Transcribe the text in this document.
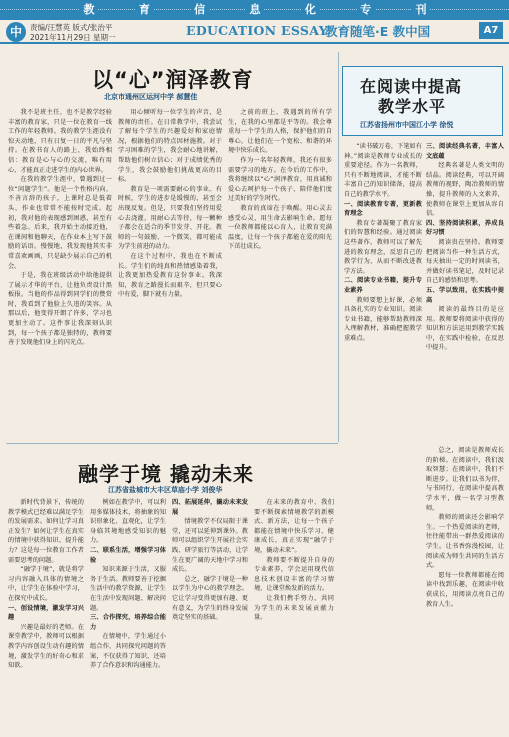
教	育	信	息	化	专	刊
中	责编/汪慧英 版式/张治平
2021年11月29日 星期一	EDUCATION ESSAY
教育随笔·E 教中国	A7
以“心”润泽教育
北京市通州区运河中学 郝慧佳

我不是班主任，也不是教学经验丰富的教育家，只是一位在教育一线工作的年轻教师。我的教学生涯没有惊天动地，只有日复一日的平凡与坚持。在教书育人的路上，我始终相信：教育是心与心的交流，唯有用心，才能真正走进学生的内心世界。

在我的教学生涯中，曾遇到过一位“问题学生”。他是一个性格内向、不善言辞的孩子，上课时总是低着头，作业也常常不能按时完成。起初，我对他的表现感到困惑，甚至有些着急。后来，我开始主动接近他，在课间和他聊天，在作业本上写下鼓励的话语。慢慢地，我发现他其实非常喜欢画画，只是缺少展示自己的机会。

于是，我在班级活动中给他提供了展示才华的平台，让他负责设计黑板报。当他的作品得到同学们的赞赏时，我看到了他脸上久违的笑容。从那以后，他变得开朗了许多，学习也更加主动了。这件事让我深刻认识到，每一个孩子都是独特的，教师要善于发现他们身上的闪光点。

用心倾听每一位学生的声音，是教师的责任。在日常教学中，我尝试了解每个学生的兴趣爱好和家庭情况，根据他们的特点因材施教。对于学习困难的学生，我会耐心地讲解，帮助他们树立信心；对于成绩优秀的学生，我会鼓励他们挑战更高的目标。

教育是一项需要耐心的事业。有时候，学生的进步是缓慢的，甚至会出现反复。但是，只要我们坚持用爱心去浇灌，用耐心去等待，每一颗种子都会在适合的季节发芽、开花。教师的一句鼓励、一个微笑，都可能成为学生前进的动力。

在这个过程中，我也在不断成长。学生们的纯真和热情感染着我，让我更加热爱教育这份事业。我深知，教育之路漫长而艰辛，但只要心中有爱，脚下就有力量。

之前的班上，我遇到的所有学生，在我的心里都是平等的。我会尊重每一个学生的人格，保护他们的自尊心，让他们在一个宽松、和谐的环境中快乐成长。

作为一名年轻教师，我还有很多需要学习的地方。在今后的工作中，我将继续以“心”润泽教育，用真诚和爱心去呵护每一个孩子，陪伴他们度过美好的学生时代。

教育的真谛在于唤醒。用心灵去感受心灵，用生命去影响生命。愿每一位教师都能以心育人，让教育充满温度，让每一个孩子都能在爱的阳光下茁壮成长。

融学于境 撬动未来
江苏省盐城市大丰区草庙小学 刘俊华

新时代背景下，传统的教学模式已经难以满足学生的发展需求。如何让学习真正发生？如何让学生在真实的情境中获得知识、提升能力？这是每一位教育工作者需要思考的问题。

“融学于境”，就是将学习内容融入具体的情境之中，让学生在体验中学习，在探究中成长。

一、创设情境，激发学习兴趣

兴趣是最好的老师。在课堂教学中，教师可以根据教学内容创设生动有趣的情境，激发学生的好奇心和求知欲。

例如在教学中，可以利用多媒体技术，将抽象的知识形象化、直观化，让学生身临其境地感受知识的魅力。

二、联系生活，增强学习体验

知识来源于生活，又服务于生活。教师要善于挖掘生活中的教学资源，让学生在生活中发现问题、解决问题。

三、合作探究，培养综合能力

在情境中，学生通过小组合作，共同探究问题的答案，不仅获得了知识，还培养了合作意识和沟通能力。

四、拓展延伸，撬动未来发展

情境教学不仅局限于课堂，还可以延伸到课外。教师可以组织学生开展社会实践、研学旅行等活动，让学生在更广阔的天地中学习和成长。

总之，融学于境是一种以学生为中心的教学理念。它让学习变得更加有趣、更有意义，为学生的终身发展奠定坚实的基础。

在未来的教育中，我们要不断探索情境教学的新模式、新方法，让每一个孩子都能在情境中快乐学习、健康成长，真正实现“融学于境，撬动未来”。

教师要不断提升自身的专业素养，学会运用现代信息技术创设丰富的学习情境，让课堂焕发新的活力。

让我们携手努力，共同为学生的未来发展贡献力量。

在阅读中提高
教学水平
江苏省扬州市中国江小学 徐悦

“读书破万卷，下笔如有神。”阅读是教师专业成长的重要途径。作为一名教师，只有不断地阅读，才能不断丰富自己的知识储备，提高自己的教学水平。

一、阅读教育专著，更新教育理念

教育专著凝聚了教育家们的智慧和经验。通过阅读这些著作，教师可以了解先进的教育理念，反思自己的教学行为，从而不断改进教学方法。

二、阅读专业书籍，提升专业素养

教师要想上好课，必须具备扎实的专业知识。阅读专业书籍，能够帮助教师深入理解教材，准确把握教学重难点。

三、阅读经典名著，丰富人文底蕴

经典名著是人类文明的结晶。阅读经典，可以开阔教师的视野，陶冶教师的情操，提升教师的人文素养，使教师在课堂上更加从容自信。

四、坚持阅读积累，养成良好习惯

阅读贵在坚持。教师要把阅读当作一种生活方式，每天抽出一定的时间读书，并做好读书笔记，及时记录自己的感悟和思考。

五、学以致用，在实践中提高

阅读的最终目的是应用。教师要将阅读中获得的知识和方法运用到教学实践中，在实践中检验，在反思中提升。

总之，阅读是教师成长的阶梯。在阅读中，我们汲取智慧；在阅读中，我们不断进步。让我们以书为伴，与书同行，在阅读中提高教学水平，做一名学习型教师。

教师的阅读还会影响学生。一个热爱阅读的老师，往往能带出一群热爱阅读的学生。让书香弥漫校园，让阅读成为师生共同的生活方式。

愿每一位教师都能在阅读中找到乐趣，在阅读中收获成长，用阅读点亮自己的教育人生。
